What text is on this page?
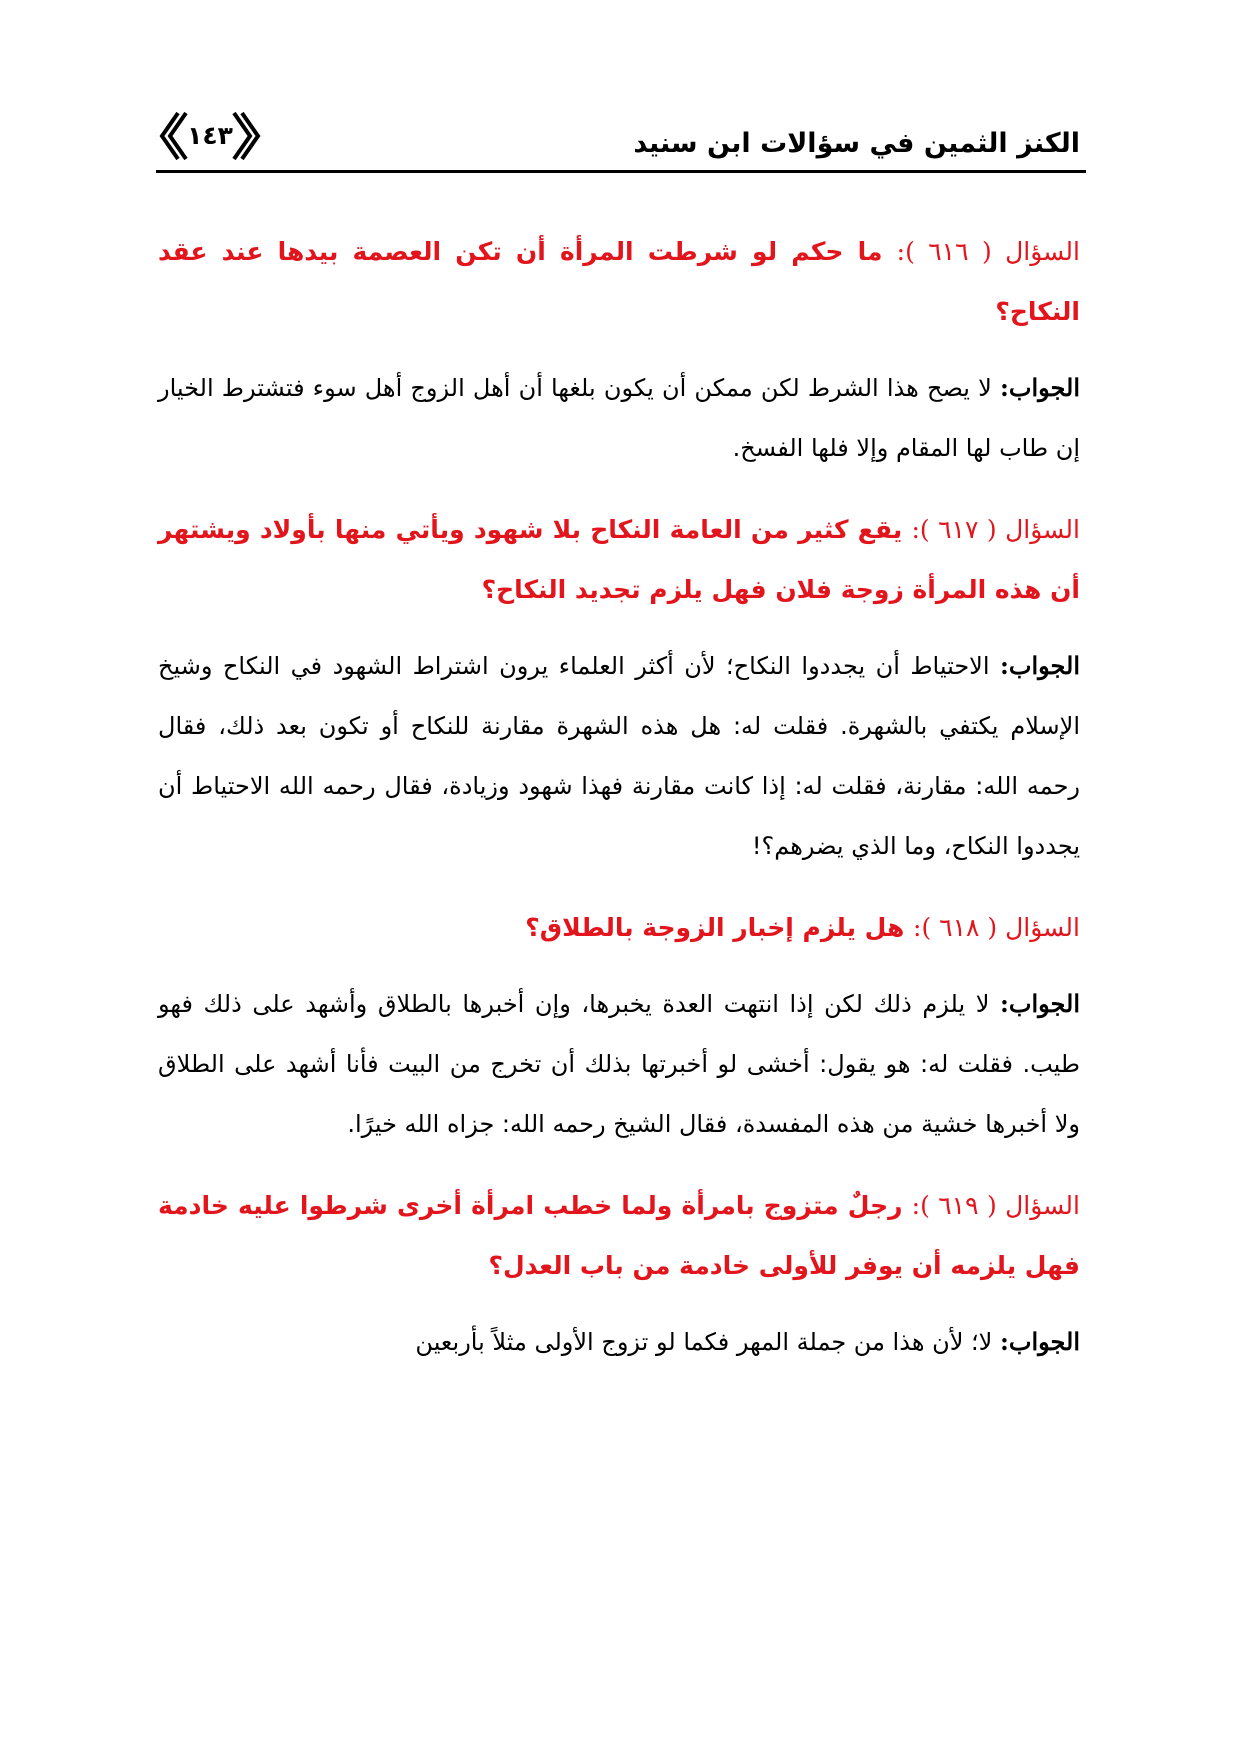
الكنز الثمين في سؤالات ابن سنيد
١٤٣

السؤال ( ٦١٦ ): ما حكم لو شرطت المرأة أن تكن العصمة بيدها عند عقد النكاح؟

الجواب: لا يصح هذا الشرط لكن ممكن أن يكون بلغها أن أهل الزوج أهل سوء فتشترط الخيار إن طاب لها المقام وإلا فلها الفسخ.

السؤال ( ٦١٧ ): يقع كثير من العامة النكاح بلا شهود ويأتي منها بأولاد ويشتهر أن هذه المرأة زوجة فلان فهل يلزم تجديد النكاح؟

الجواب: الاحتياط أن يجددوا النكاح؛ لأن أكثر العلماء يرون اشتراط الشهود في النكاح وشيخ الإسلام يكتفي بالشهرة. فقلت له: هل هذه الشهرة مقارنة للنكاح أو تكون بعد ذلك، فقال رحمه الله: مقارنة، فقلت له: إذا كانت مقارنة فهذا شهود وزيادة، فقال رحمه الله الاحتياط أن يجددوا النكاح، وما الذي يضرهم؟!

السؤال ( ٦١٨ ): هل يلزم إخبار الزوجة بالطلاق؟

الجواب: لا يلزم ذلك لكن إذا انتهت العدة يخبرها، وإن أخبرها بالطلاق وأشهد على ذلك فهو طيب. فقلت له: هو يقول: أخشى لو أخبرتها بذلك أن تخرج من البيت فأنا أشهد على الطلاق ولا أخبرها خشية من هذه المفسدة، فقال الشيخ رحمه الله: جزاه الله خيرًا.

السؤال ( ٦١٩ ): رجلٌ متزوج بامرأة ولما خطب امرأة أخرى شرطوا عليه خادمة فهل يلزمه أن يوفر للأولى خادمة من باب العدل؟

الجواب: لا؛ لأن هذا من جملة المهر فكما لو تزوج الأولى مثلاً بأربعين
